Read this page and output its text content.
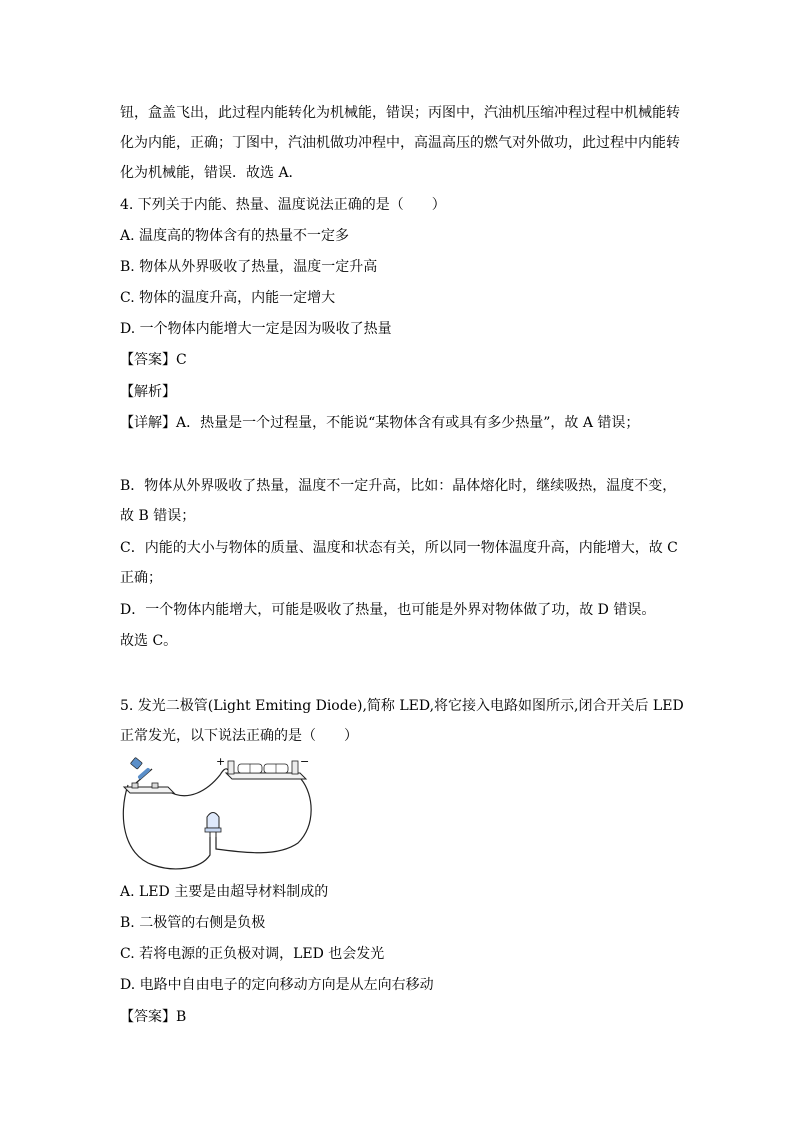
钮，盒盖飞出，此过程内能转化为机械能，错误；丙图中，汽油机压缩冲程过程中机械能转
化为内能，正确；丁图中，汽油机做功冲程中，高温高压的燃气对外做功，此过程中内能转
化为机械能，错误．故选 A．
4. 下列关于内能、热量、温度说法正确的是（　　）
A. 温度高的物体含有的热量不一定多
B. 物体从外界吸收了热量，温度一定升高
C. 物体的温度升高，内能一定增大
D. 一个物体内能增大一定是因为吸收了热量
【答案】C
【解析】
【详解】A．热量是一个过程量，不能说“某物体含有或具有多少热量”，故 A 错误；
B．物体从外界吸收了热量，温度不一定升高，比如：晶体熔化时，继续吸热，温度不变，
故 B 错误；
C．内能的大小与物体的质量、温度和状态有关，所以同一物体温度升高，内能增大，故 C
正确；
D．一个物体内能增大，可能是吸收了热量，也可能是外界对物体做了功，故 D 错误。
故选 C。
5. 发光二极管(Light Emiting Diode),简称 LED,将它接入电路如图所示,闭合开关后 LED
正常发光，以下说法正确的是（　　）
+	−
A. LED 主要是由超导材料制成的
B. 二极管的右侧是负极
C. 若将电源的正负极对调，LED 也会发光
D. 电路中自由电子的定向移动方向是从左向右移动
【答案】B
